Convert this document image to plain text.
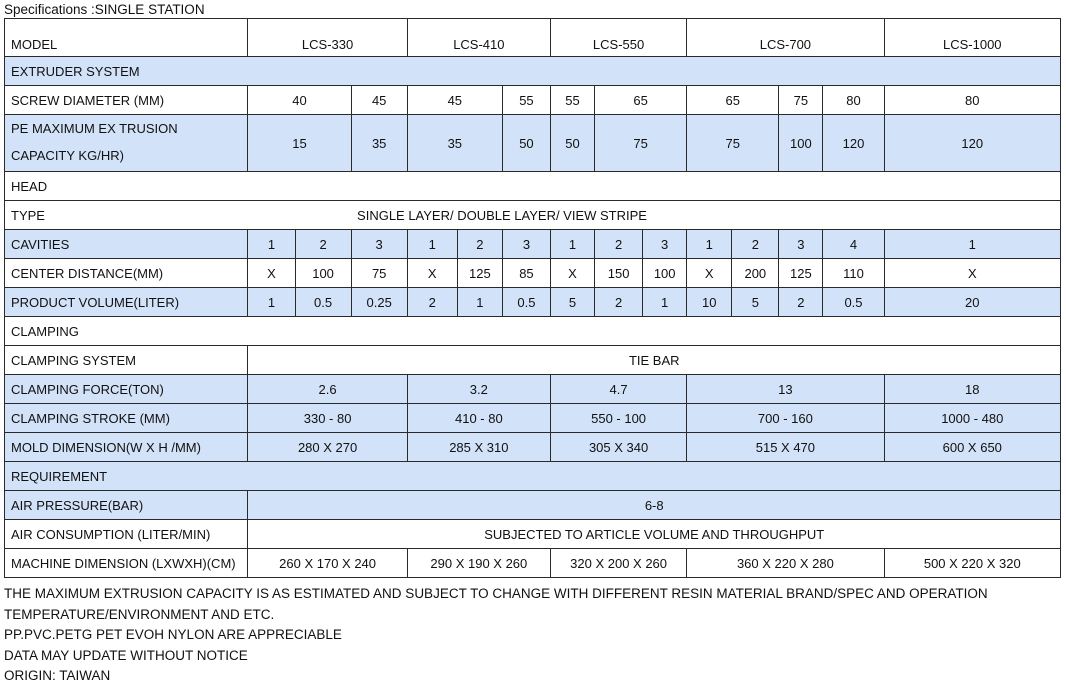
Specifications :SINGLE STATION
MODEL	LCS-330			LCS-410			LCS-550			LCS-700				LCS-1000
EXTRUDER SYSTEM														
SCREW DIAMETER (MM)	40		45	45		55	55	65		65		75	80	80
PE MAXIMUM EX TRUSION
CAPACITY KG/HR)	15		35	35		50	50	75		75		100	120	120
HEAD														

TYPE SINGLE LAYER/ DOUBLE LAYER/ VIEW STRIPE														

CAVITIES	1	2	3	1	2	3	1	2	3	1	2	3	4	1
CENTER DISTANCE(MM)	X	100	75	X	125	85	X	150	100	X	200	125	110	X
PRODUCT VOLUME(LITER)	1	0.5	0.25	2	1	0.5	5	2	1	10	5	2	0.5	20
CLAMPING														
CLAMPING SYSTEM	TIE BAR													
CLAMPING FORCE(TON)	2.6			3.2			4.7			13				18
CLAMPING STROKE (MM)	330 - 80			410 - 80			550 - 100			700 - 160				1000 - 480
MOLD DIMENSION(W X H /MM)	280 X 270			285 X 310			305 X 340			515 X 470				600 X 650
REQUIREMENT														
AIR PRESSURE(BAR)	6-8													
AIR CONSUMPTION (LITER/MIN)	SUBJECTED TO ARTICLE VOLUME AND THROUGHPUT													
MACHINE DIMENSION (LXWXH)(CM)	260 X 170 X 240			290 X 190 X 260			320 X 200 X 260			360 X 220 X 280				500 X 220 X 320
THE MAXIMUM EXTRUSION CAPACITY IS AS ESTIMATED AND SUBJECT TO CHANGE WITH DIFFERENT RESIN MATERIAL BRAND/SPEC AND OPERATION
TEMPERATURE/ENVIRONMENT AND ETC.
PP.PVC.PETG PET EVOH NYLON ARE APPRECIABLE
DATA MAY UPDATE WITHOUT NOTICE
ORIGIN: TAIWAN
